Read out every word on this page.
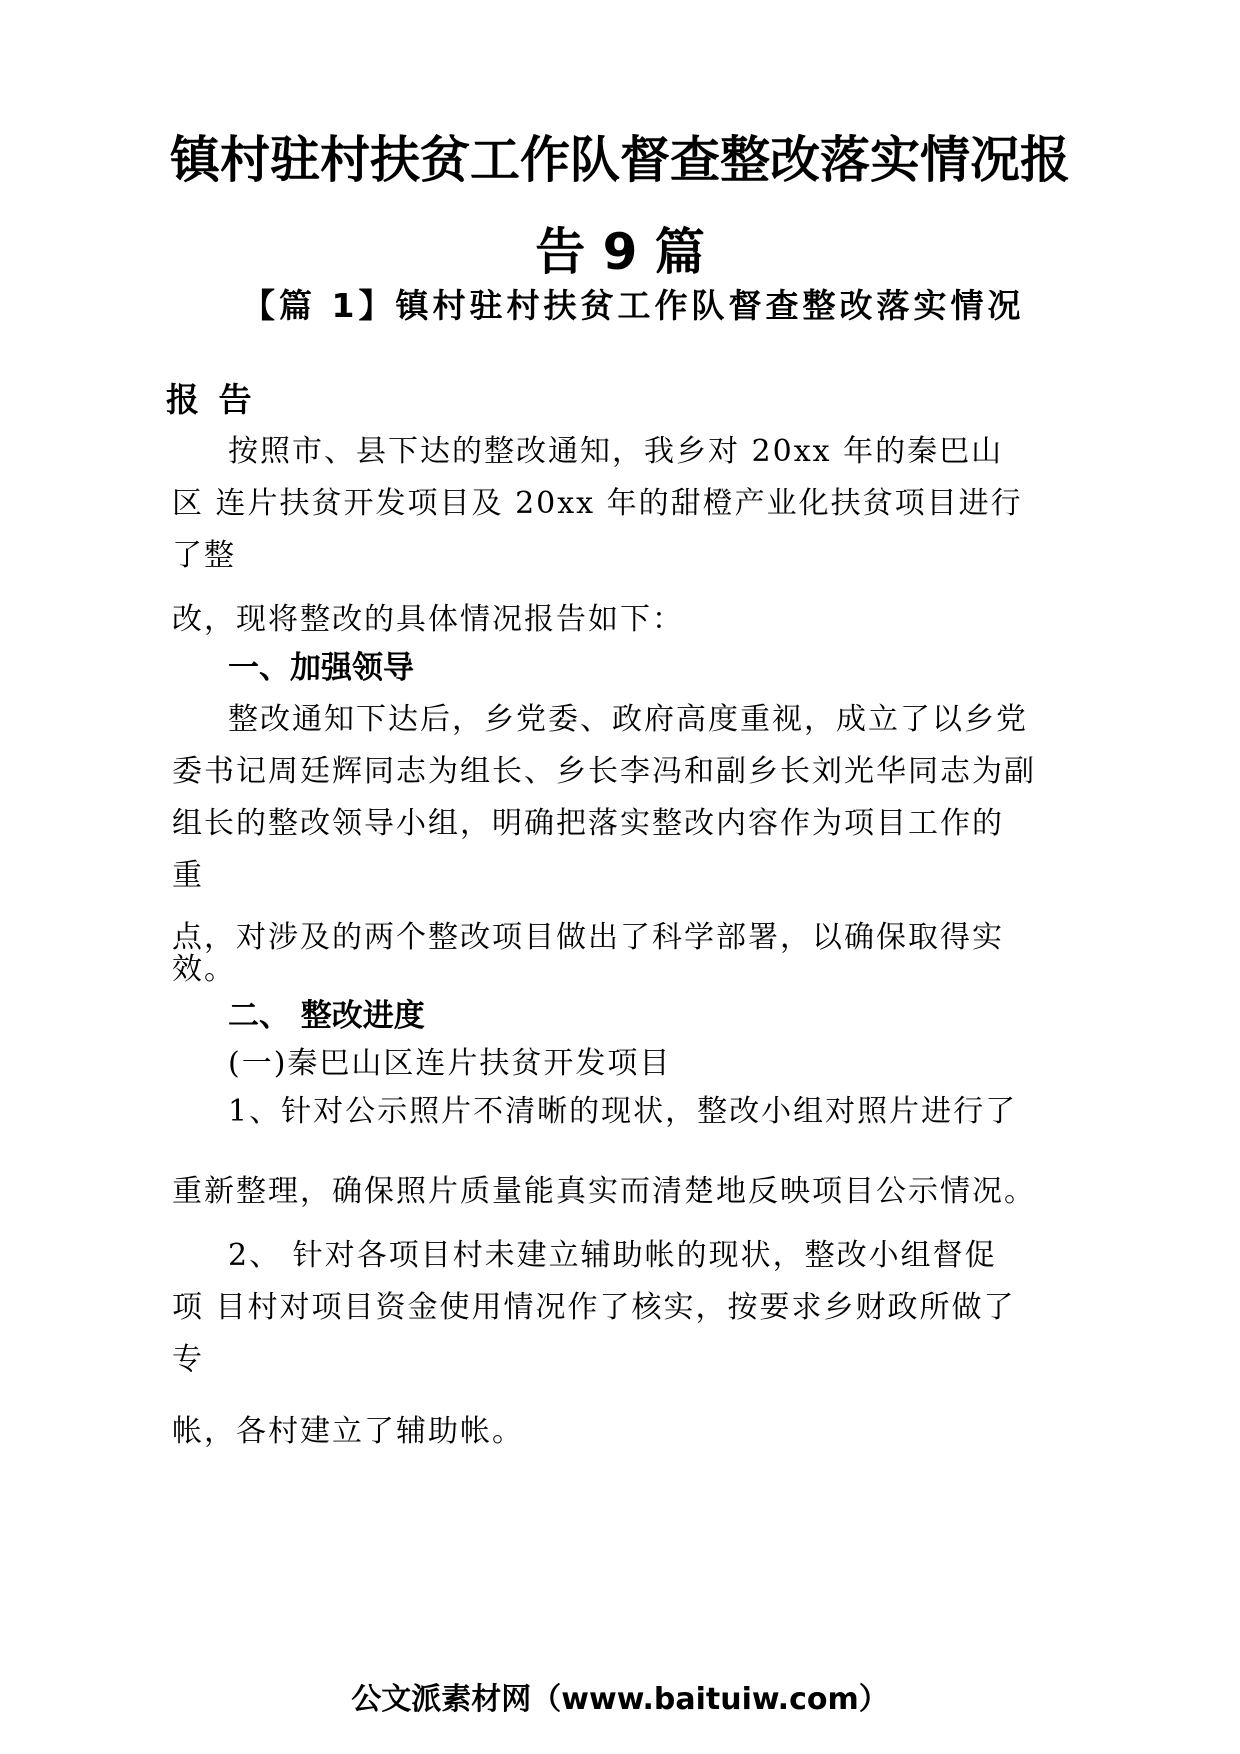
镇村驻村扶贫工作队督查整改落实情况报
告 9 篇
【篇 1】镇村驻村扶贫工作队督查整改落实情况
报 告
按照市、县下达的整改通知，我乡对 20xx 年的秦巴山
区 连片扶贫开发项目及 20xx 年的甜橙产业化扶贫项目进行
了整
改，现将整改的具体情况报告如下：
一、加强领导
整改通知下达后，乡党委、政府高度重视，成立了以乡党
委书记周廷辉同志为组长、乡长李冯和副乡长刘光华同志为副
组长的整改领导小组，明确把落实整改内容作为项目工作的
重
点，对涉及的两个整改项目做出了科学部署，以确保取得实
效。
二、 整改进度
(一)秦巴山区连片扶贫开发项目
1、针对公示照片不清晰的现状，整改小组对照片进行了
重新整理，确保照片质量能真实而清楚地反映项目公示情况。
2、 针对各项目村未建立辅助帐的现状，整改小组督促
项 目村对项目资金使用情况作了核实，按要求乡财政所做了
专
帐，各村建立了辅助帐。
公文派素材网（www.baituiw.com）
